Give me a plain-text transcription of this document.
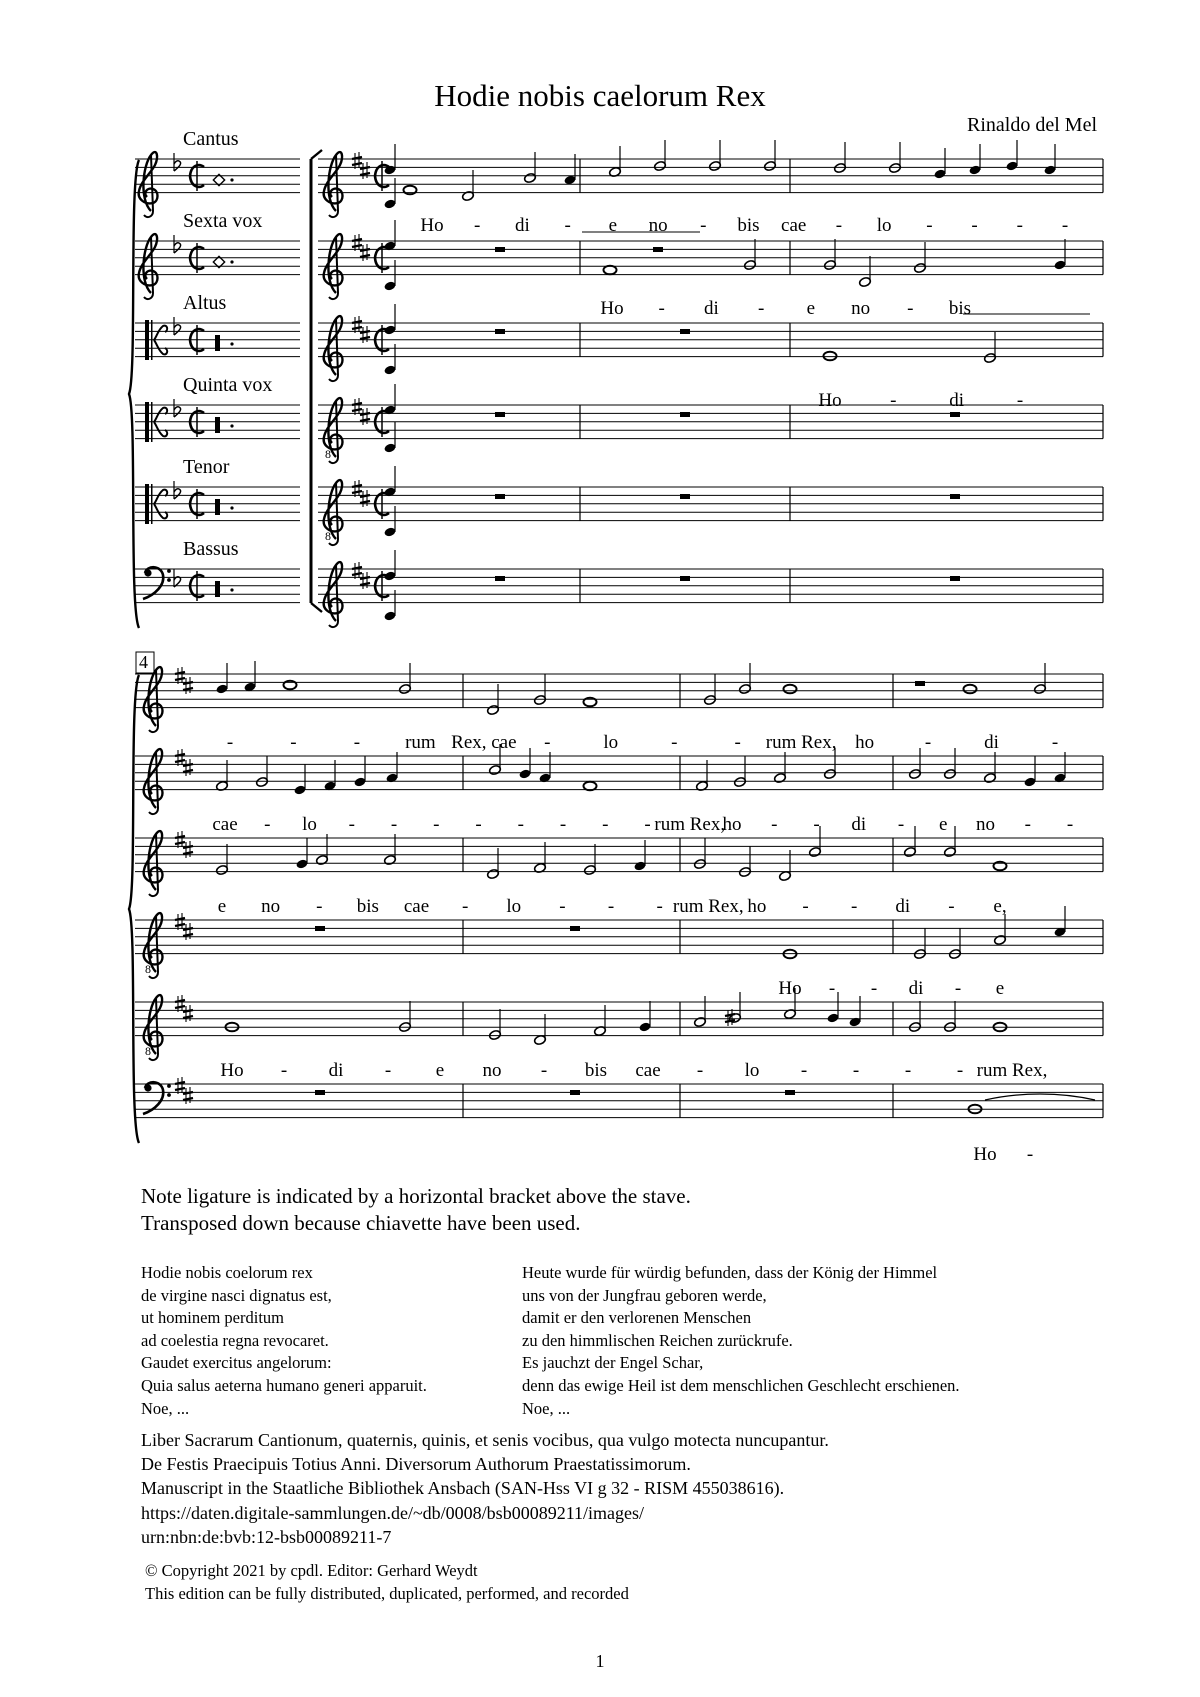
Hodie nobis caelorum Rex
Rinaldo del Mel
Cantus
Sexta vox
Altus
Quinta vox
8
Tenor
8
Bassus
Ho - di - e no - bis cae - lo - - - -
Ho - di - e no - bis
Ho	-	di	-
4
8
8
-	-	- rum Rex, cae -	lo	-	- rum Rex, ho	-	di	-
cae - lo - - - - - - - - rum Rex,
ho - - di - e no - -
e no - bis cae - lo - - - rum Rex, ho - - di - e,
Ho - - di - e
Ho - di - e no - bis cae - lo - - - - rum Rex,
Ho -
Note ligature is indicated by a horizontal bracket above the stave.
Transposed down because chiavette have been used.
Hodie nobis coelorum rex
de virgine nasci dignatus est,
ut hominem perditum
ad coelestia regna revocaret.
Gaudet exercitus angelorum:
Quia salus aeterna humano generi apparuit.
Noe, ...
Heute wurde für würdig befunden, dass der König der Himmel
uns von der Jungfrau geboren werde,
damit er den verlorenen Menschen
zu den himmlischen Reichen zurückrufe.
Es jauchzt der Engel Schar,
denn das ewige Heil ist dem menschlichen Geschlecht erschienen.
Noe, ...
Liber Sacrarum Cantionum, quaternis, quinis, et senis vocibus, qua vulgo motecta nuncupantur.
De Festis Praecipuis Totius Anni. Diversorum Authorum Praestatissimorum.
Manuscript in the Staatliche Bibliothek Ansbach (SAN-Hss VI g 32 - RISM 455038616).
https://daten.digitale-sammlungen.de/~db/0008/bsb00089211/images/
urn:nbn:de:bvb:12-bsb00089211-7
© Copyright 2021 by cpdl. Editor: Gerhard Weydt
This edition can be fully distributed, duplicated, performed, and recorded
1
